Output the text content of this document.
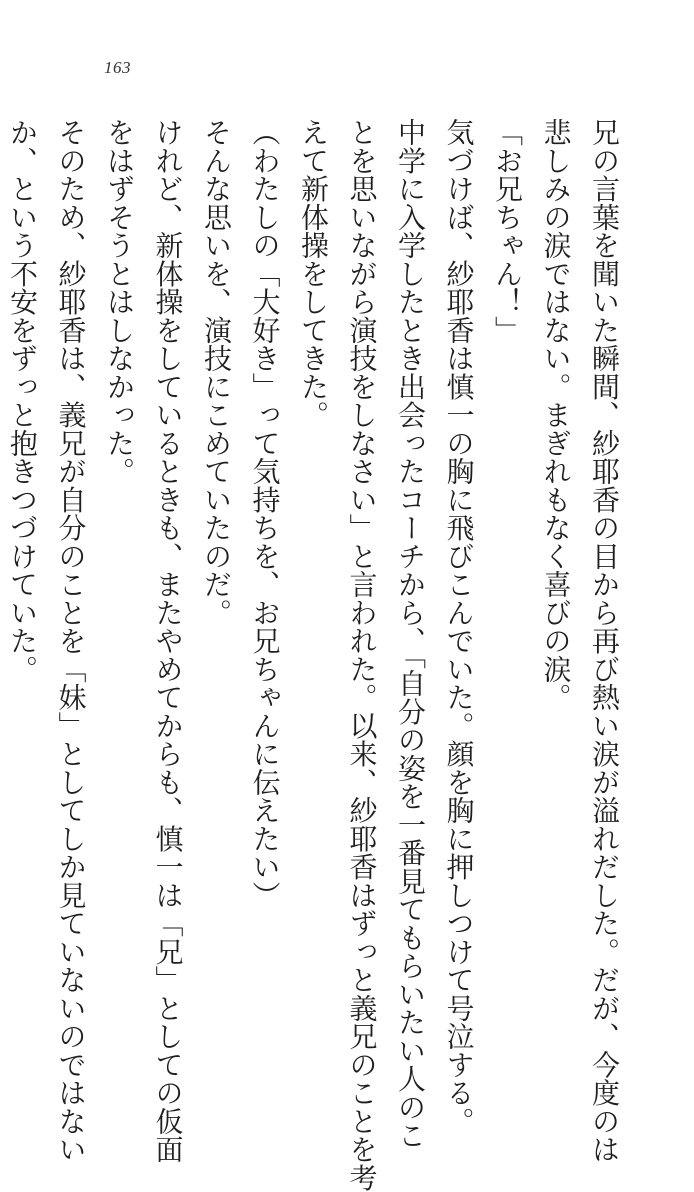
163
兄の言葉を聞いた瞬間、紗耶香の目から再び熱い涙が溢れだした。だが、今度のは
悲しみの涙ではない。まぎれもなく喜びの涙。
「お兄ちゃん！」
気づけば、紗耶香は慎一の胸に飛びこんでいた。顔を胸に押しつけて号泣する。
中学に入学したとき出会ったコーチから、「自分の姿を一番見てもらいたい人のこ
とを思いながら演技をしなさい」と言われた。以来、紗耶香はずっと義兄のことを考
えて新体操をしてきた。
（わたしの「大好き」って気持ちを、お兄ちゃんに伝えたい）
そんな思いを、演技にこめていたのだ。
けれど、新体操をしているときも、またやめてからも、慎一は「兄」としての仮面
をはずそうとはしなかった。
そのため、紗耶香は、義兄が自分のことを「妹」としてしか見ていないのではない
か、という不安をずっと抱きつづけていた。
